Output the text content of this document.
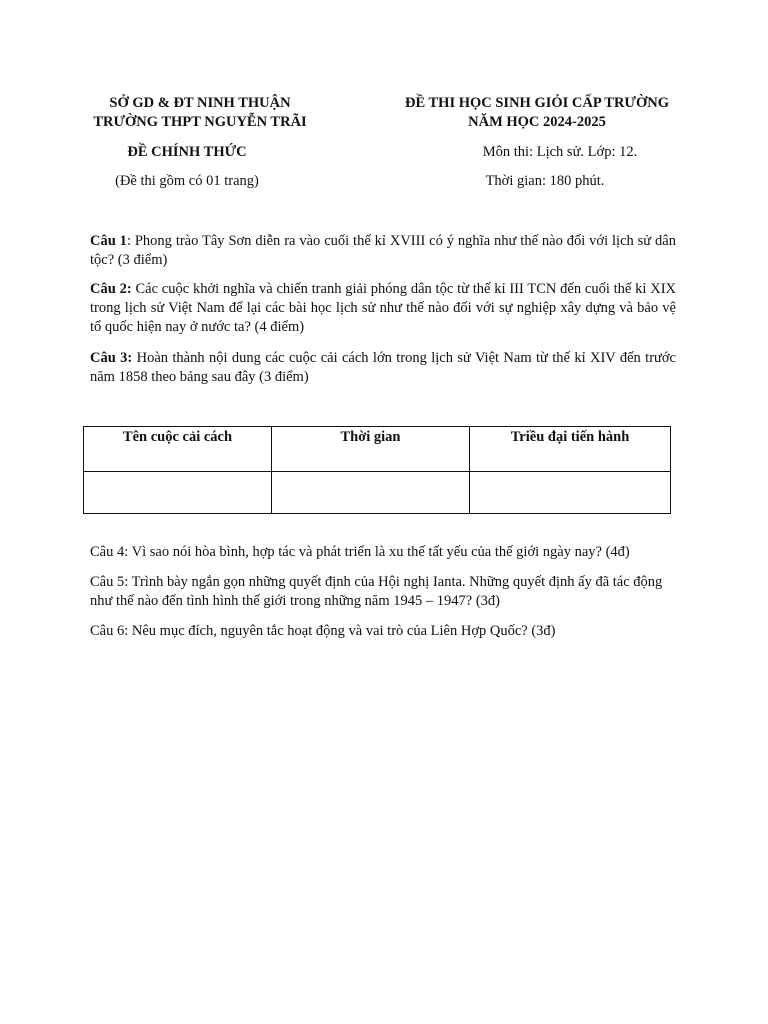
SỞ GD & ĐT NINH THUẬN
TRƯỜNG THPT NGUYỄN TRÃI
ĐỀ THI HỌC SINH GIỎI CẤP TRƯỜNG
NĂM HỌC 2024-2025
ĐỀ CHÍNH THỨC
(Đề thi gồm có 01 trang)
Môn thi: Lịch sử. Lớp: 12.
Thời gian: 180 phút.
Câu 1: Phong trào Tây Sơn diễn ra vào cuối thế kỉ XVIII có ý nghĩa như thế nào đối với lịch sử dân tộc? (3 điểm)
Câu 2: Các cuộc khởi nghĩa và chiến tranh giải phóng dân tộc từ thế kỉ III TCN đến cuối thế kỉ XIX trong lịch sử Việt Nam để lại các bài học lịch sử như thế nào đối với sự nghiệp xây dựng và bảo vệ tổ quốc hiện nay ở nước ta? (4 điểm)
Câu 3: Hoàn thành nội dung các cuộc cải cách lớn trong lịch sử Việt Nam từ thế kỉ XIV đến trước năm 1858 theo bảng sau đây (3 điểm)
Tên cuộc cải cách	Thời gian	Triều đại tiến hành

Câu 4: Vì sao nói hòa bình, hợp tác và phát triển là xu thế tất yếu của thế giới ngày nay? (4đ)
Câu 5: Trình bày ngắn gọn những quyết định của Hội nghị Ianta. Những quyết định ấy đã tác động như thế nào đến tình hình thế giới trong những năm 1945 – 1947? (3đ)
Câu 6: Nêu mục đích, nguyên tắc hoạt động và vai trò của Liên Hợp Quốc? (3đ)
